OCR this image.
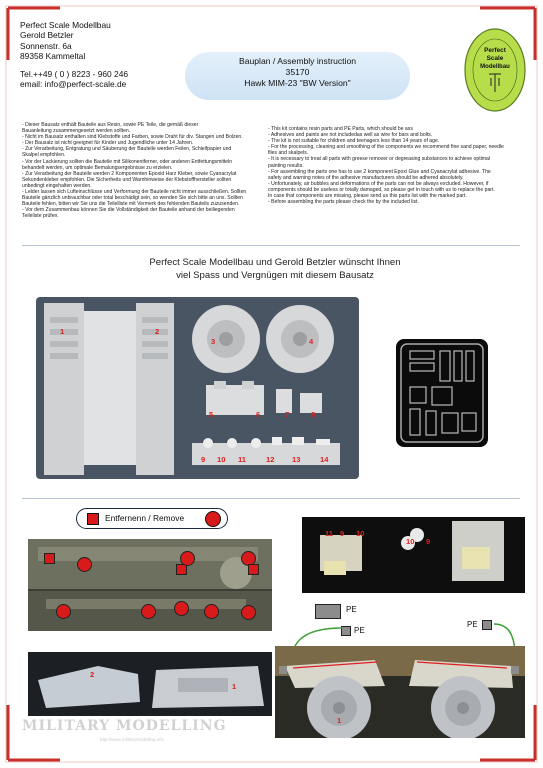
Perfect Scale Modellbau
Gerold Betzler
Sonnenstr. 6a
89358 Kammeltal
Tel.++49 ( 0 ) 8223 - 960 246
email: info@perfect-scale.de
Bauplan / Assembly instruction
35170
Hawk MIM-23 "BW Version"
Perfect
Scale
Modellbau
- Dieser Bausatz enthält Bauteile aus Resin, sowie PE Teile, die gemäß dieser
Bauanleitung zusammengesetzt werden sollten.
- Nicht im Bausatz enthalten sind Klebstoffe und Farben, sowie Draht für div. Stangen und Bolzen.
- Der Bausatz ist nicht geeignet für Kinder und Jugendliche unter 14 Jahren.
- Zur Verarbeitung, Entgratung und Säuberung der Bauteile werden Feilen, Schleifpapier und
Skalpel empfohlen.
- Vor der Lackierung sollten die Bauteile mit Silikonentferner, oder anderen Entfettungsmitteln
behandelt werden, um optimale Bemalungsergebnisse zu erzielen.
- Zur Verarbeitung der Bauteile werden 2 Komponenten Epoxid Harz Kleber, sowie Cyanacrylat
Sekundenkleber empfohlen. Die Sicherheits und Warnhinweise der Klebstoffhersteller sollten
unbedingt eingehalten werden.
- Leider lassen sich Lufteinschlüsse und Verformung der Bauteile nicht immer ausschließen. Sollten
Bauteile gänzlich unbrauchbar oder total beschädigt sein, so wenden Sie sich bitte an uns. Sollten
Bauteile fehlen, bitten wir Sie uns die Teilelliste mit Vermerk des fehlenden Bauteils zuzusenden.
- Vor dem Zusammenbau können Sie die Vollständigkeit der Bauteile anhand der beiliegenden
Teileliste prüfen.
- This kit contains resin parts and PE Parts, which should be ass
- Adhesives and paints are not includedas well as wire for bars and bolts.
- The kit is not suitable for children and teenagers less than 14 years of age.
- For the processing, cleaning and smoothing of the components we recommend fine sand paper, needle
files and skalpels.
- It is necessary to treat all parts with greese remover or degreasing substances to achieve optimal
painting results.
- For assembling the parts one has to use 2 komponent Epoxi Glue and Cyanacrylat adhesive. The
safety and warning notes of the adhesive manufacturers should be adhered absolutely.
- Unfortunately, air bubbles and deformations of the parts can not be always excluded. However, if
components should be useless or totally damaged, so please get in touch with us to replace the part.
In case that components are missing, please send us this parts list with the marked part.
- Before assembling the parts please check the by the included list.
Perfect Scale Modellbau und Gerold Betzler wünscht Ihnen
viel Spass und Vergnügen mit diesem Bausatz
1	2
3	4
5	6	7	8
9 10 11	12 13	14
Entfernenn / Remove
2
1
11 9 10
10 9
PE
PE
PE
1
MILITARY MODELLING
http://www.militarymodelling.info
